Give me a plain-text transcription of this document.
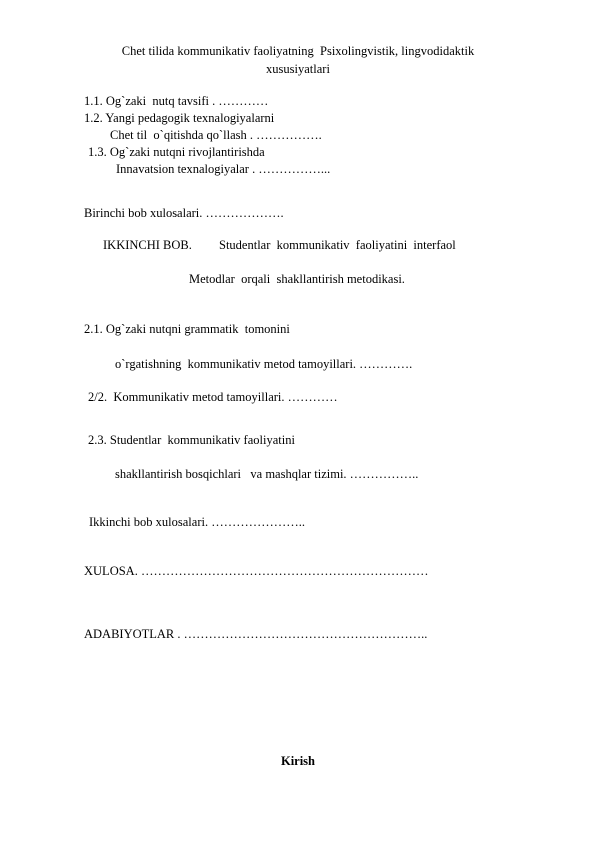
Chet tilida kommunikativ faoliyatning  Psixolingvistik, lingvodidaktik
xususiyatlari
1.1. Og`zaki  nutq tavsifi . …………
1.2. Yangi pedagogik texnalogiyalarni
Chet til  o`qitishda qo`llash . …………….
1.3. Og`zaki nutqni rivojlantirishda
Innavatsion texnalogiyalar . ……………...
Birinchi bob xulosalari. ……………….
IKKINCHI BOB. Studentlar  kommunikativ  faoliyatini  interfaol
Metodlar  orqali  shakllantirish metodikasi.
2.1. Og`zaki nutqni grammatik  tomonini
o`rgatishning  kommunikativ metod tamoyillari. ………….
2/2.  Kommunikativ metod tamoyillari. …………
2.3. Studentlar  kommunikativ faoliyatini
shakllantirish bosqichlari   va mashqlar tizimi. ……………..
Ikkinchi bob xulosalari. …………………..
XULOSA. ……………………………………………………………
ADABIYOTLAR . …………………………………………………..
Kirish
